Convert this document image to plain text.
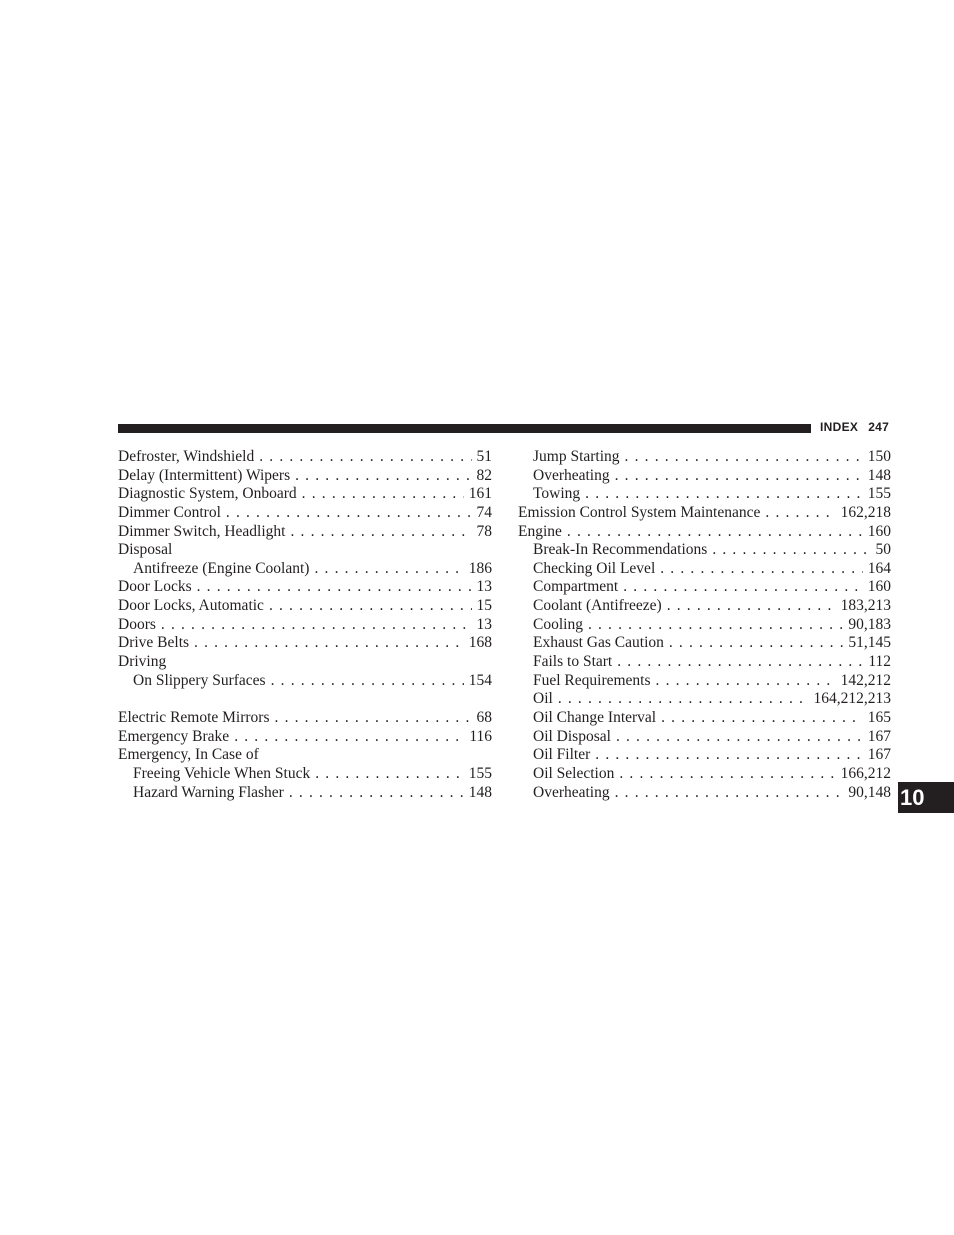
INDEX 247
Defroster, Windshield . . .	51
Delay (Intermittent) Wipers . . .	82
Diagnostic System, Onboard . . .	161
Dimmer Control . . .	74
Dimmer Switch, Headlight . . .	78
Disposal
Antifreeze (Engine Coolant) . . .	186
Door Locks . . .	13
Door Locks, Automatic . . .	15
Doors . . .	13
Drive Belts . . .	168
Driving
On Slippery Surfaces . . .	154
Electric Remote Mirrors . . .	68
Emergency Brake . . .	116
Emergency, In Case of
Freeing Vehicle When Stuck . . .	155
Hazard Warning Flasher . . .	148
Jump Starting . . .	150
Overheating . . .	148
Towing . . .	155
Emission Control System Maintenance . . .	162,218
Engine . . .	160
Break-In Recommendations . . .	50
Checking Oil Level . . .	164
Compartment . . .	160
Coolant (Antifreeze) . . .	183,213
Cooling . . .	90,183
Exhaust Gas Caution . . .	51,145
Fails to Start . . .	112
Fuel Requirements . . .	142,212
Oil . . .	164,212,213
Oil Change Interval . . .	165
Oil Disposal . . .	167
Oil Filter . . .	167
Oil Selection . . .	166,212
Overheating . . .	90,148 10
